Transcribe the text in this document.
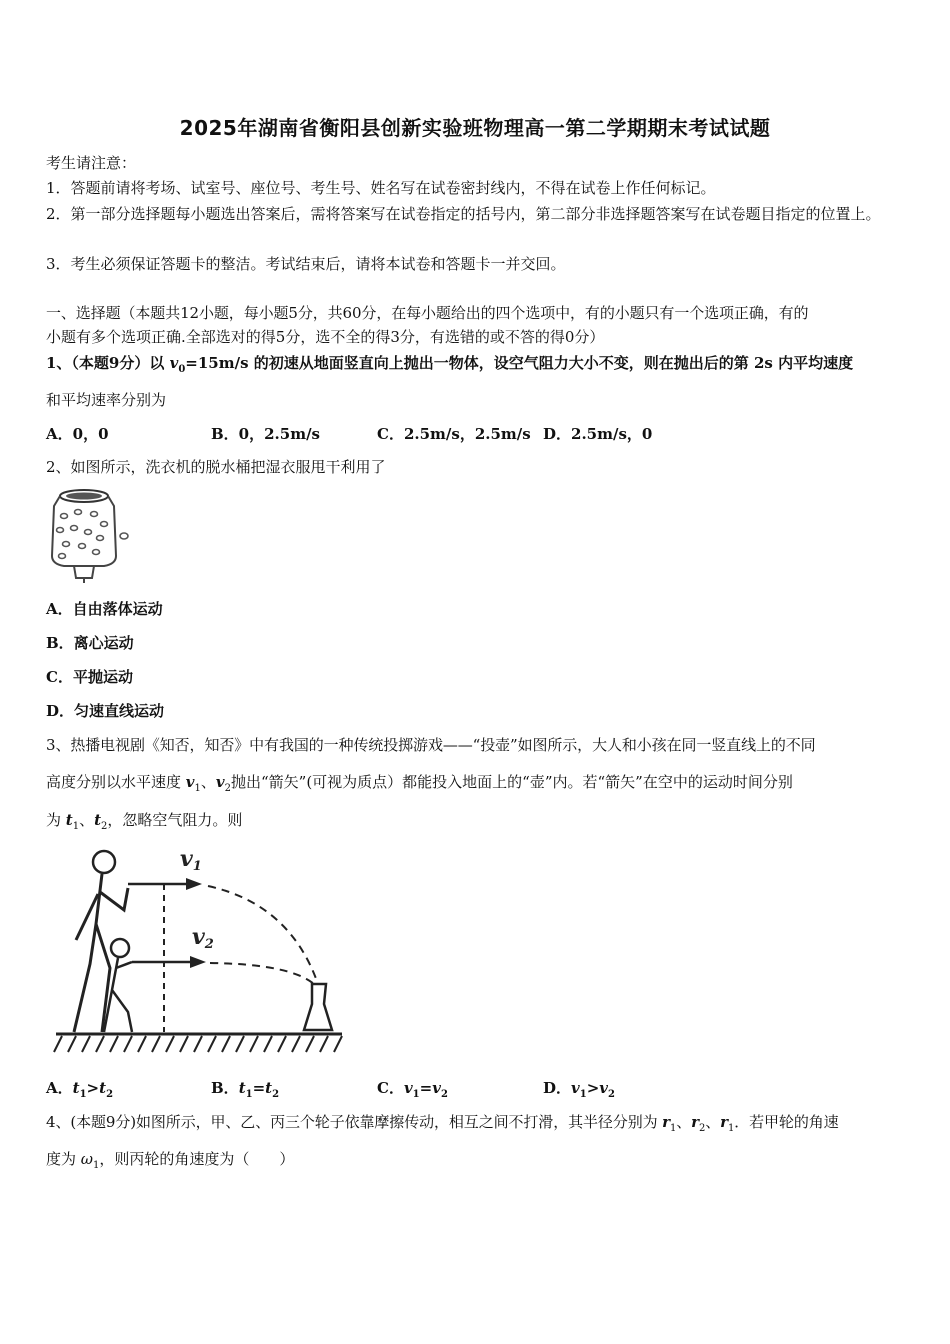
2025年湖南省衡阳县创新实验班物理高一第二学期期末考试试题
考生请注意：
1．答题前请将考场、试室号、座位号、考生号、姓名写在试卷密封线内，不得在试卷上作任何标记。
2．第一部分选择题每小题选出答案后，需将答案写在试卷指定的括号内，第二部分非选择题答案写在试卷题目指定的位置上。
3．考生必须保证答题卡的整洁。考试结束后，请将本试卷和答题卡一并交回。
一、选择题（本题共12小题，每小题5分，共60分，在每小题给出的四个选项中，有的小题只有一个选项正确，有的
小题有多个选项正确.全部选对的得5分，选不全的得3分，有选错的或不答的得0分）
1、（本题9分）以 $v_0=15m/s$ 的初速从地面竖直向上抛出一物体，设空气阻力大小不变，则在抛出后的第 2s 内平均速度
和平均速率分别为
A．0，0	B．0，2.5m/s	C．2.5m/s，2.5m/s D．2.5m/s，0
2、如图所示，洗衣机的脱水桶把湿衣服甩干利用了
A．自由落体运动
B．离心运动
C．平抛运动
D．匀速直线运动
3、热播电视剧《知否，知否》中有我国的一种传统投掷游戏——“投壶”如图所示，大人和小孩在同一竖直线上的不同
高度分别以水平速度 $v_1$、$v_2$抛出“箭矢”(可视为质点）都能投入地面上的“壶”内。若“箭矢”在空中的运动时间分别
为 $t_1$、$t_2$，忽略空气阻力。则
v1
v2
A．$t_1>t_2$	B．$t_1=t_2$	C．$v_1=v_2$	D．$v_1>v_2$
4、(本题9分)如图所示，甲、乙、丙三个轮子依靠摩擦传动，相互之间不打滑，其半径分别为 $r_1$、$r_2$、$r_1$．若甲轮的角速
度为 $\omega_1$，则丙轮的角速度为（　　）
